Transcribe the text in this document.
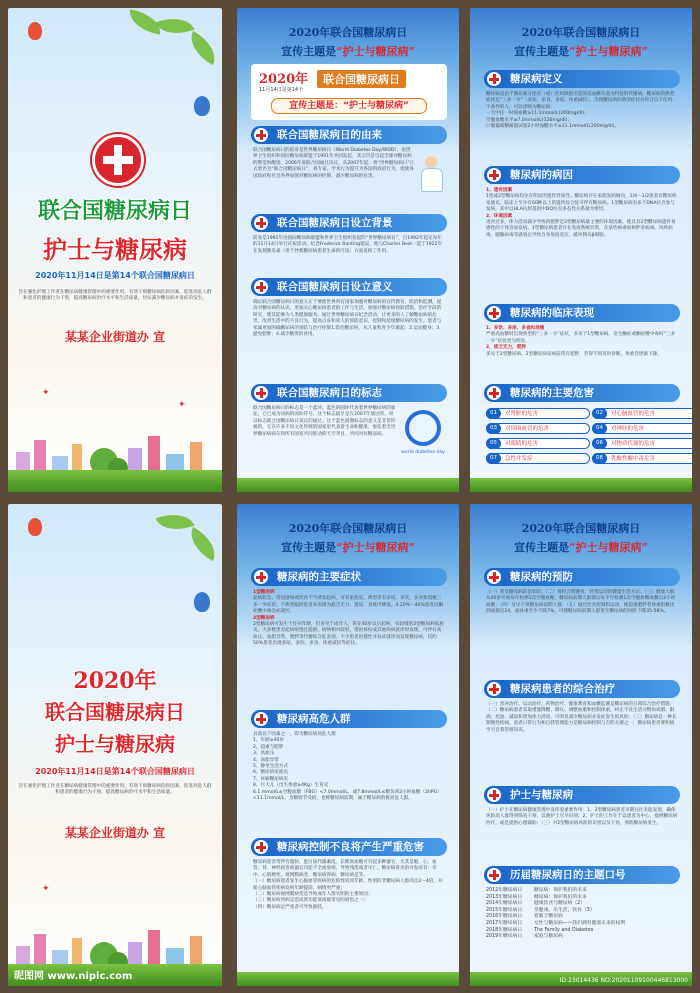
联合国糖尿病日
护士与糖尿病
2020年11月14日是第14个联合国糖尿病日
旨在强化护理工作者在糖尿病健康管理中的重要作用，有效干预糖尿病危险因素，促进高危人群和患者的健康行为干预，提高糖尿病治疗水平和生活质量，切实减少糖尿病并发症的发生。
某某企业街道办 宣
✦
✦
2020年联合国糖尿病日
宣传主题是“护士与糖尿病”
2020年	联合国糖尿病日
11月14日是第14个
宣传主题是：“护士与糖尿病”
联合国糖尿病日的由来
联合国糖尿病日的前身是世界糖尿病日（World Diabetes Day/WDD），由世界卫生组织和国际糖尿病联盟于1991年共同发起，其宗旨是引起全球对糖尿病的警觉和醒悟。2006年底联合国通过决议，从2007年起，将“世界糖尿病日”正式更名为“联合国糖尿病日”，将专家、学术行为提升为各国的政府行为，促使各国政府和社会各界加强对糖尿病的控制，减少糖尿病的危害。
联合国糖尿病日设立背景
前身是1991年由国际糖尿病联盟和世界卫生组织发起的“世界糖尿病日”，自1992年起定每年的11月14日举行庆祝活动。纪念Frederick Banting诞辰，他与Charles Best一起于1922年在发现胰岛素（用于拯救糖尿病患者生命的疗法）方面发挥了作用。
联合国糖尿病日设立意义
确定联合国糖尿病日的意义在于要使世界所有国家加强对糖尿病的宣传教育、防治和监测，提高对糖尿病的认识，更加关心糖尿病患者的工作与生活，加强对糖尿病预防措施、治疗手段的研究，使其能够为人类健康服务。通过世界糖尿病日纪念活动，让更多的人了解糖尿病的危害，改善生活中的不良行为，提高自身和家人的预防意识，控制和延缓糖尿病的发生。患者与家属更加明确糖尿病的预防与治疗控制1.防治糖尿病，从儿童和青少年做起；2.运动健身；3.避免肥胖；4.减少糖类的食用。
联合国糖尿病日的标志
联合国糖尿病日的标志是一个蓝环。蓝色的圆环代表着世界糖尿病的象征，它已成为该病的国际符号。这个标志最早是在2007年通过的。用以标志联合国糖尿病日该议的通过。这个蓝色圆圈标志的意义是非常积极的，它在许多不同文化传统的国家里代表着生命和健康，象征着全世界糖尿病病友和所有国家共同推动的天空齐目，共同对抗糖尿病。
world diabetes day
2020年联合国糖尿病日
宣传主题是“护士与糖尿病”
糖尿病定义

糖尿病是由于胰岛素分泌及（或）作用缺陷引起的以血糖升高为特征的代谢病。糖尿病的典型症状是“三多一少”（多饮、多食、多尿、体重减轻）。出现糖尿病的典型症状并符合以下任何一个条件的人，可以诊断为糖尿病：

一天中任一时间血糖≥11.1mmol/L(200mg/dl)；

空腹血糖水平≥7.0mmol/L(126mg/dl)；

口服葡萄糖耐量试验2小时血糖水平≥11.1mmol/L(200mg/dl)。

糖尿病的病因

1、遗传因素

1型或2型糖尿病均存在明显的遗传异质性。糖尿病存在家族发病倾向，1/4～1/2患者有糖尿病家族史。临床上至少有60种以上的遗传综合征可伴有糖尿病。1型糖尿病有多个DNA位点参与发病，其中以HLA抗原基因中DQ位点多态性关系最为密切。

2、环境因素

进食过多，体力活动减少导致的肥胖是2型糖尿病最主要的环境因素，使具有2型糖尿病遗传易感性的个体容易发病。1型糖尿病患者存在免疫系统异常，在某些病毒如柯萨奇病毒、风疹病毒、腮腺病毒等感染后导致自身免疫反应，破坏胰岛β细胞。

糖尿病的临床表现

1、多饮、多尿、多食和消瘦

严重高血糖时出现典型的“三多一少”症状，多见于1型糖尿病。发生酮症或酮症酸中毒时“三多一少”症状更为明显。

2、疲乏无力，肥胖

多见于2型糖尿病。2型糖尿病发病前常有肥胖，若得不到及时诊断，体重会逐渐下降。

糖尿病的主要危害
01	对肾脏的危害	02	对心脑血管的危害
03	对周围血管的危害	04	对神经的危害
05	对眼睛的危害	06	对物质代谢的危害
07	急性并发症	08	乳酸性酸中毒危害
2020年
联合国糖尿病日
护士与糖尿病
2020年11月14日是第14个联合国糖尿病日
旨在强化护理工作者在糖尿病健康管理中的重要作用，有效干预糖尿病危险因素，促进高危人群和患者的健康行为干预，提高糖尿病治疗水平和生活质量。
某某企业街道办 宣
✦
昵图网 www.nipic.com
2020年联合国糖尿病日
宣传主题是“护士与糖尿病”
糖尿病的主要症状

1型糖尿病

起病较急，常因感染或饮食不当诱发起病，可有家族史。典型者有多尿、多饮、多食和消瘦三多一少症状。不典型隐匿患者多表现为疲乏无力、遗尿，食欲可降低。4.20%～40%患者以酮症酸中毒急症就医。

2型糖尿病

2型糖尿病可发生于任何年龄，但多见于成年人，常在40岁以后起病，有较缓的2型糖尿病家族史。大多数患者起病缓慢且隐匿，病情相对较轻，常因体检或其他疾病就诊时发现，可伴有高血压、血脂异常、肥胖等代谢综合征表现。不少患者因慢性并发症就诊而发现糖尿病，仅约50%患者出现多尿、多饮、多食、体重减轻等症状。

糖尿病高危人群

具备以下因素之一，即为糖尿病高危人群

1、年龄≥40岁

2、超重与肥胖

3、高血压

4、血脂异常

5、静坐生活方式

6、糖尿病家族史

7、妊娠糖尿病史

8、巨大儿（出生体重≥4Kg）生育史

6.1 mmol/L≤空腹血糖（FBG）<7.0mmol/L，或7.8mmol/L≤糖负荷2小时血糖（2hPG）<11.1mmol/L，为糖调节受损，也称糖尿病前期，属于糖尿病的极高危人群。

糖尿病控制不良将产生严重危害

糖尿病患者常伴有脂肪、蛋白质代谢紊乱，长期高血糖可引起多种器官，尤其是眼、心、血管、肾、神经损害或器官功能不全或衰竭，导致残废或者早亡。糖尿病常见的并发症有：卒中、心肌梗死、视网膜病变、糖尿病肾病、糖尿病足等。

（一）糖尿病患者发生心脑血管疾病的危险性较同年龄、性别的非糖尿病人群高出2～4倍，并使心脑血管疾病发病年龄提前，病情更严重；

（二）糖尿病视网膜病变是导致成年人群失明的主要原因；

（三）糖尿病肾病是造成肾功能衰竭最常见的原因之一；

（四）糖尿病足严重者可导致截肢。

2020年联合国糖尿病日
宣传主题是“护士与糖尿病”
糖尿病的预防
（一）普及糖尿病防治知识；（二）保持合理膳食，经常运动的健康生活方式；（三）健康人群从40岁开始每年检测1次空腹血糖，糖尿病前期人群建议每半年检测1次空腹血糖或餐后2小时血糖；（四）及早干预糖尿病前期人群；（五）通过饮食控制和运动，使超重肥胖者体重指数达到或接近24，或体重至少下降7%，可使糖尿病前期人群发生糖尿病的风险下降35-58%。
糖尿病患者的综合治疗
（一）营养治疗、运动治疗、药物治疗、健康教育和血糖监测是糖尿病的五项综合治疗措施；（二）糖尿病患者采取措施降糖、降压、调整血脂和控制体重，纠正不良生活习惯如戒烟、限酒、控油、减盐和增加体力活动，可明显减少糖尿病并发症发生的风险；（三）糖尿病是一种长期慢性疾病，患者日常行为和自我管理能力是糖尿病控制与否的关键之一，糖尿病患者要积极学习自我管理知识。
护士与糖尿病
（一）护士在糖尿病健康管理中发挥着重要作用：1、2型糖尿病患者早期往往未能发现，确保风险高人群得到筛查干预，以便护士尽早识别；2、护士的工作在于以患者为中心，提供糖尿病治疗，或是提供心理辅助；（三）对2型糖尿病风险的识别以及干预，预防糖尿病发生。
历届糖尿病日的主题口号
2012年糖尿病日	糖尿病：保护我们的未来
2013年糖尿病日	糖尿病：保护我们的未来
2014年糖尿病日	健康饮食与糖尿病（2）
2015年糖尿病日	享健康，乐生活，饮食（3）
2016年糖尿病日	着眼于糖尿病
2017年糖尿病日	女性与糖尿病——我们拥有健康未来的权利
2018年糖尿病日	The Family and Diabetes
2019年糖尿病日	家庭与糖尿病
ID:23014436 NO:20201109100446813000
